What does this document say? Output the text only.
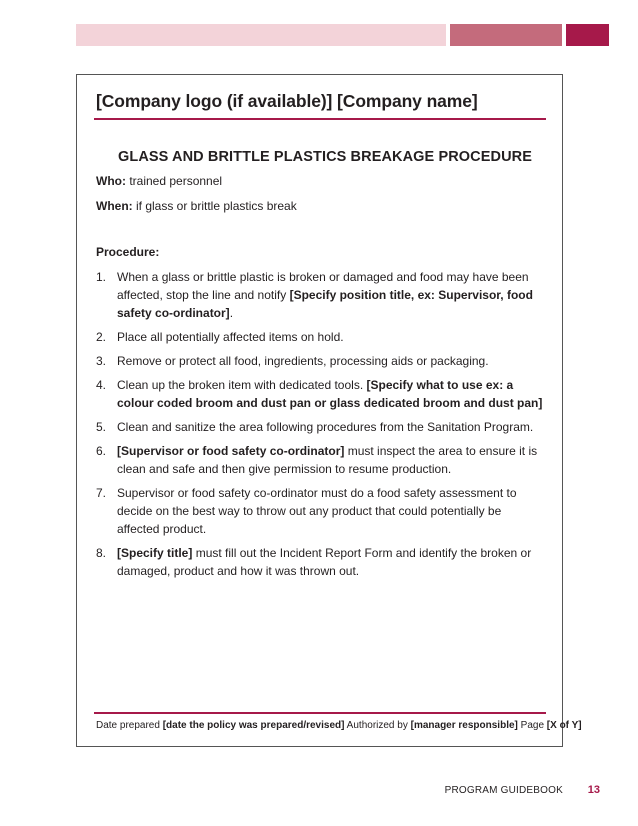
[Company logo (if available)] [Company name]
GLASS AND BRITTLE PLASTICS BREAKAGE PROCEDURE
Who: trained personnel
When: if glass or brittle plastics break
Procedure:
1. When a glass or brittle plastic is broken or damaged and food may have been affected, stop the line and notify [Specify position title, ex: Supervisor, food safety co-ordinator].
2. Place all potentially affected items on hold.
3. Remove or protect all food, ingredients, processing aids or packaging.
4. Clean up the broken item with dedicated tools. [Specify what to use ex: a colour coded broom and dust pan or glass dedicated broom and dust pan]
5. Clean and sanitize the area following procedures from the Sanitation Program.
6. [Supervisor or food safety co-ordinator] must inspect the area to ensure it is clean and safe and then give permission to resume production.
7. Supervisor or food safety co-ordinator must do a food safety assessment to decide on the best way to throw out any product that could potentially be affected product.
8. [Specify title] must fill out the Incident Report Form and identify the broken or damaged, product and how it was thrown out.
Date prepared [date the policy was prepared/revised] Authorized by [manager responsible] Page [X of Y]
PROGRAM GUIDEBOOK 13
